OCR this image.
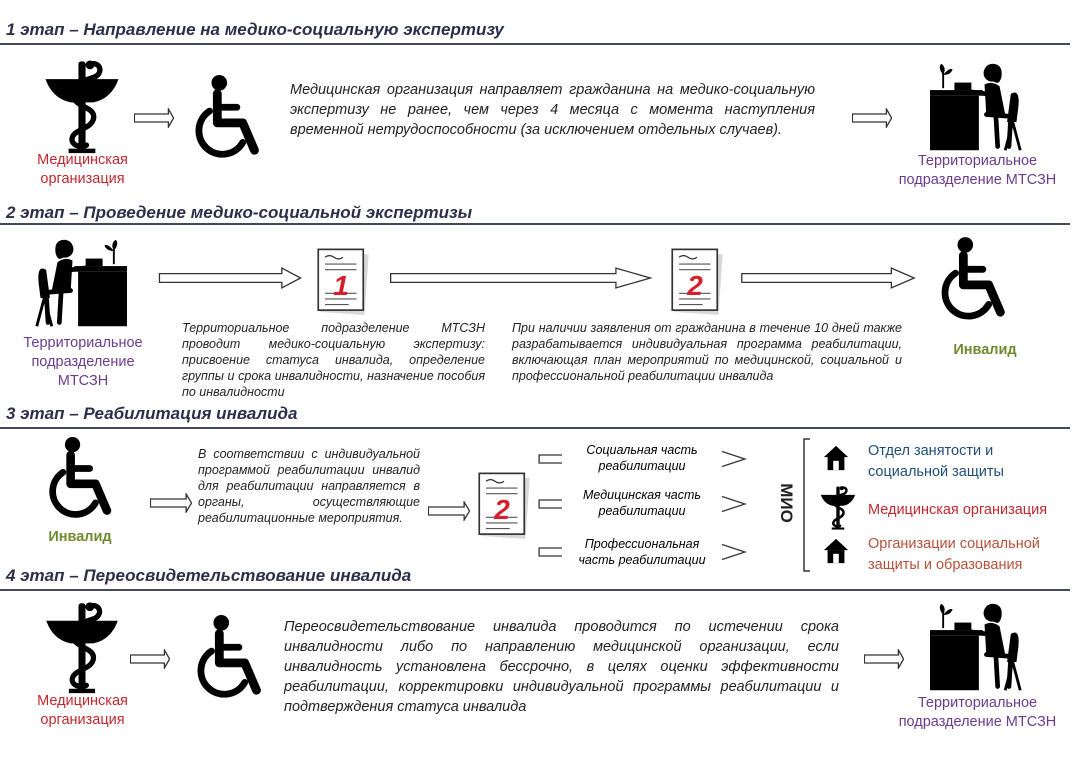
1 этап – Направление на медико-социальную экспертизу
Медицинская
организация
Медицинская организация направляет гражданина на медико-социальную экспертизу не ранее, чем через 4 месяца с момента наступления временной нетрудоспособности (за исключением отдельных случаев).
Территориальное
подразделение МТСЗН
2 этап – Проведение медико-социальной экспертизы
Территориальное
подразделение
МТСЗН
1	2
Инвалид
Территориальное подразделение МТСЗН проводит медико-социальную экспертизу: присвоение статуса инвалида, определение группы и срока инвалидности, назначение пособия по инвалидности
При наличии заявления от гражданина в течение 10 дней также разрабатывается индивидуальная программа реабилитации, включающая план мероприятий по медицинской, социальной и профессиональной реабилитации инвалида
3 этап – Реабилитация инвалида
Инвалид
В соответствии с индивидуальной программой реабилитации инвалид для реабилитации направляется в органы, осуществляющие реабилитационные мероприятия.	2
Социальная часть
реабилитации
Медицинская часть
реабилитации
Профессиональная
часть реабилитации
МИО
Отдел занятости и
социальной защиты
Медицинская организация
Организации социальной
защиты и образования
4 этап – Переосвидетельствование инвалида
Медицинская
организация
Переосвидетельствование инвалида проводится по истечении срока инвалидности либо по направлению медицинской организации, если инвалидность установлена бессрочно, в целях оценки эффективности реабилитации, корректировки индивидуальной программы реабилитации и подтверждения статуса инвалида	Территориальное
подразделение МТСЗН
